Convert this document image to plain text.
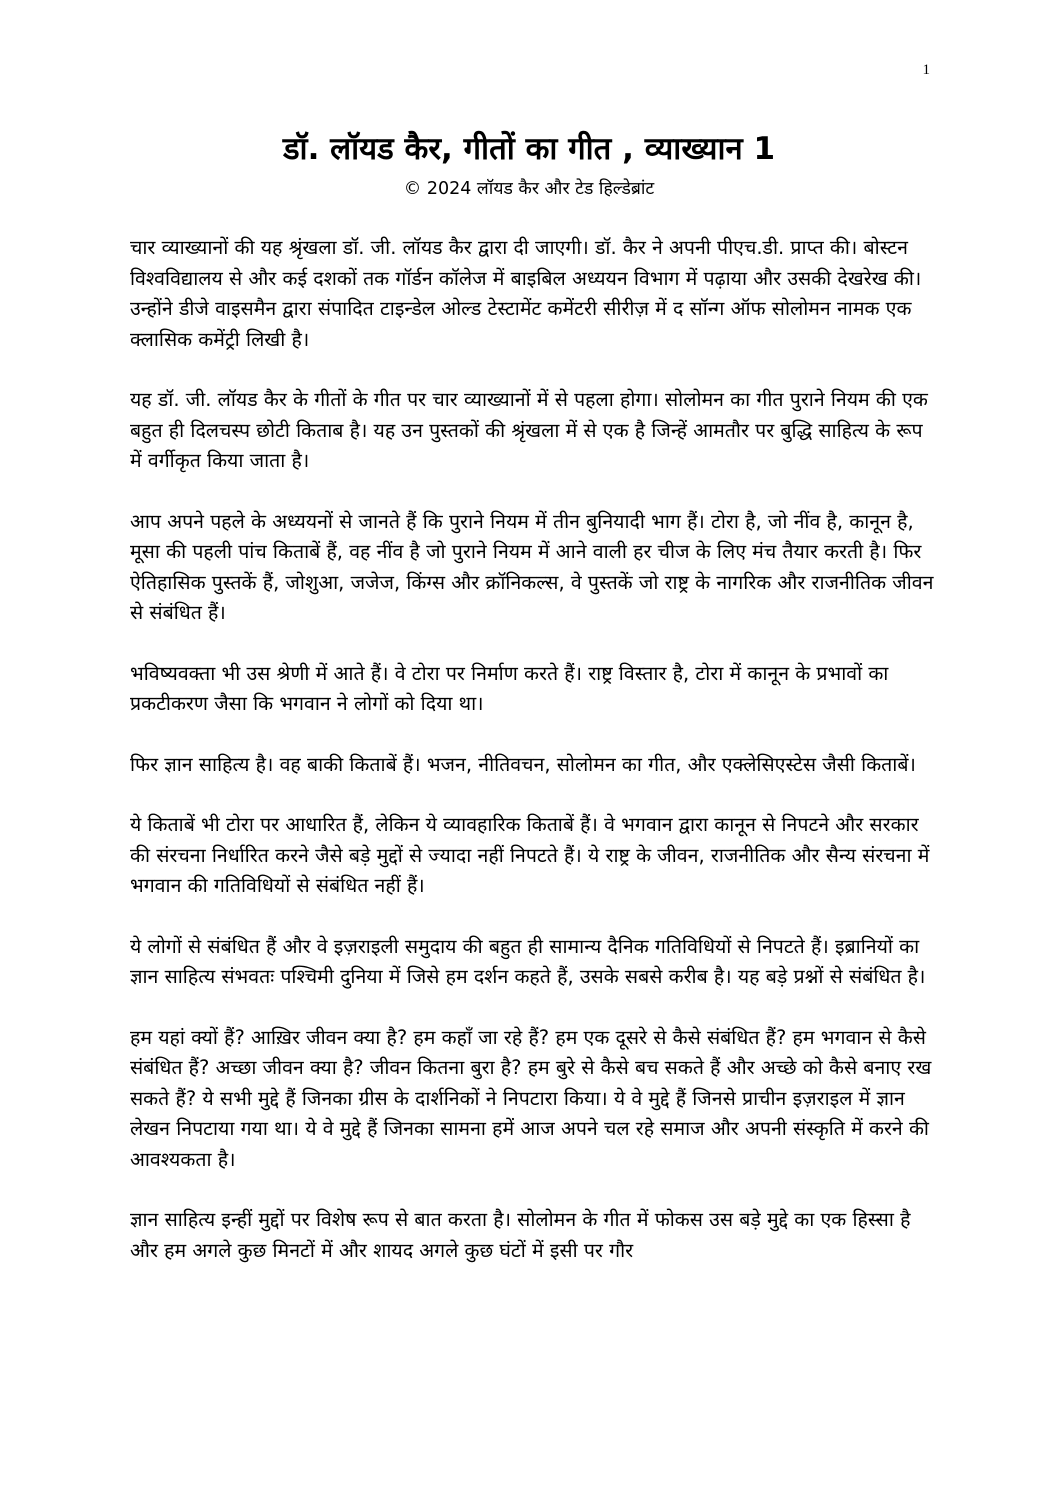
1
डॉ. लॉयड कैर, गीतों का गीत , व्याख्यान 1
© 2024 लॉयड कैर और टेड हिल्डेब्रांट

चार व्याख्यानों की यह श्रृंखला डॉ. जी. लॉयड कैर द्वारा दी जाएगी। डॉ. कैर ने अपनी पीएच.डी. प्राप्त की। बोस्टन विश्वविद्यालय से और कई दशकों तक गॉर्डन कॉलेज में बाइबिल अध्ययन विभाग में पढ़ाया और उसकी देखरेख की। उन्होंने डीजे वाइसमैन द्वारा संपादित टाइन्डेल ओल्ड टेस्टामेंट कमेंटरी सीरीज़ में द सॉन्ग ऑफ सोलोमन नामक एक क्लासिक कमेंट्री लिखी है।

यह डॉ. जी. लॉयड कैर के गीतों के गीत पर चार व्याख्यानों में से पहला होगा। सोलोमन का गीत पुराने नियम की एक बहुत ही दिलचस्प छोटी किताब है। यह उन पुस्तकों की श्रृंखला में से एक है जिन्हें आमतौर पर बुद्धि साहित्य के रूप में वर्गीकृत किया जाता है।

आप अपने पहले के अध्ययनों से जानते हैं कि पुराने नियम में तीन बुनियादी भाग हैं। टोरा है, जो नींव है, कानून है, मूसा की पहली पांच किताबें हैं, वह नींव है जो पुराने नियम में आने वाली हर चीज के लिए मंच तैयार करती है। फिर ऐतिहासिक पुस्तकें हैं, जोशुआ, जजेज, किंग्स और क्रॉनिकल्स, वे पुस्तकें जो राष्ट्र के नागरिक और राजनीतिक जीवन से संबंधित हैं।

भविष्यवक्ता भी उस श्रेणी में आते हैं। वे टोरा पर निर्माण करते हैं। राष्ट्र विस्तार है, टोरा में कानून के प्रभावों का प्रकटीकरण जैसा कि भगवान ने लोगों को दिया था।

फिर ज्ञान साहित्य है। वह बाकी किताबें हैं। भजन, नीतिवचन, सोलोमन का गीत, और एक्लेसिएस्टेस जैसी किताबें।

ये किताबें भी टोरा पर आधारित हैं, लेकिन ये व्यावहारिक किताबें हैं। वे भगवान द्वारा कानून से निपटने और सरकार की संरचना निर्धारित करने जैसे बड़े मुद्दों से ज्यादा नहीं निपटते हैं। ये राष्ट्र के जीवन, राजनीतिक और सैन्य संरचना में भगवान की गतिविधियों से संबंधित नहीं हैं।

ये लोगों से संबंधित हैं और वे इज़राइली समुदाय की बहुत ही सामान्य दैनिक गतिविधियों से निपटते हैं। इब्रानियों का ज्ञान साहित्य संभवतः पश्चिमी दुनिया में जिसे हम दर्शन कहते हैं, उसके सबसे करीब है। यह बड़े प्रश्नों से संबंधित है।

हम यहां क्यों हैं? आख़िर जीवन क्या है? हम कहाँ जा रहे हैं? हम एक दूसरे से कैसे संबंधित हैं? हम भगवान से कैसे संबंधित हैं? अच्छा जीवन क्या है? जीवन कितना बुरा है? हम बुरे से कैसे बच सकते हैं और अच्छे को कैसे बनाए रख सकते हैं? ये सभी मुद्दे हैं जिनका ग्रीस के दार्शनिकों ने निपटारा किया। ये वे मुद्दे हैं जिनसे प्राचीन इज़राइल में ज्ञान लेखन निपटाया गया था। ये वे मुद्दे हैं जिनका सामना हमें आज अपने चल रहे समाज और अपनी संस्कृति में करने की आवश्यकता है।

ज्ञान साहित्य इन्हीं मुद्दों पर विशेष रूप से बात करता है। सोलोमन के गीत में फोकस उस बड़े मुद्दे का एक हिस्सा है और हम अगले कुछ मिनटों में और शायद अगले कुछ घंटों में इसी पर गौर
